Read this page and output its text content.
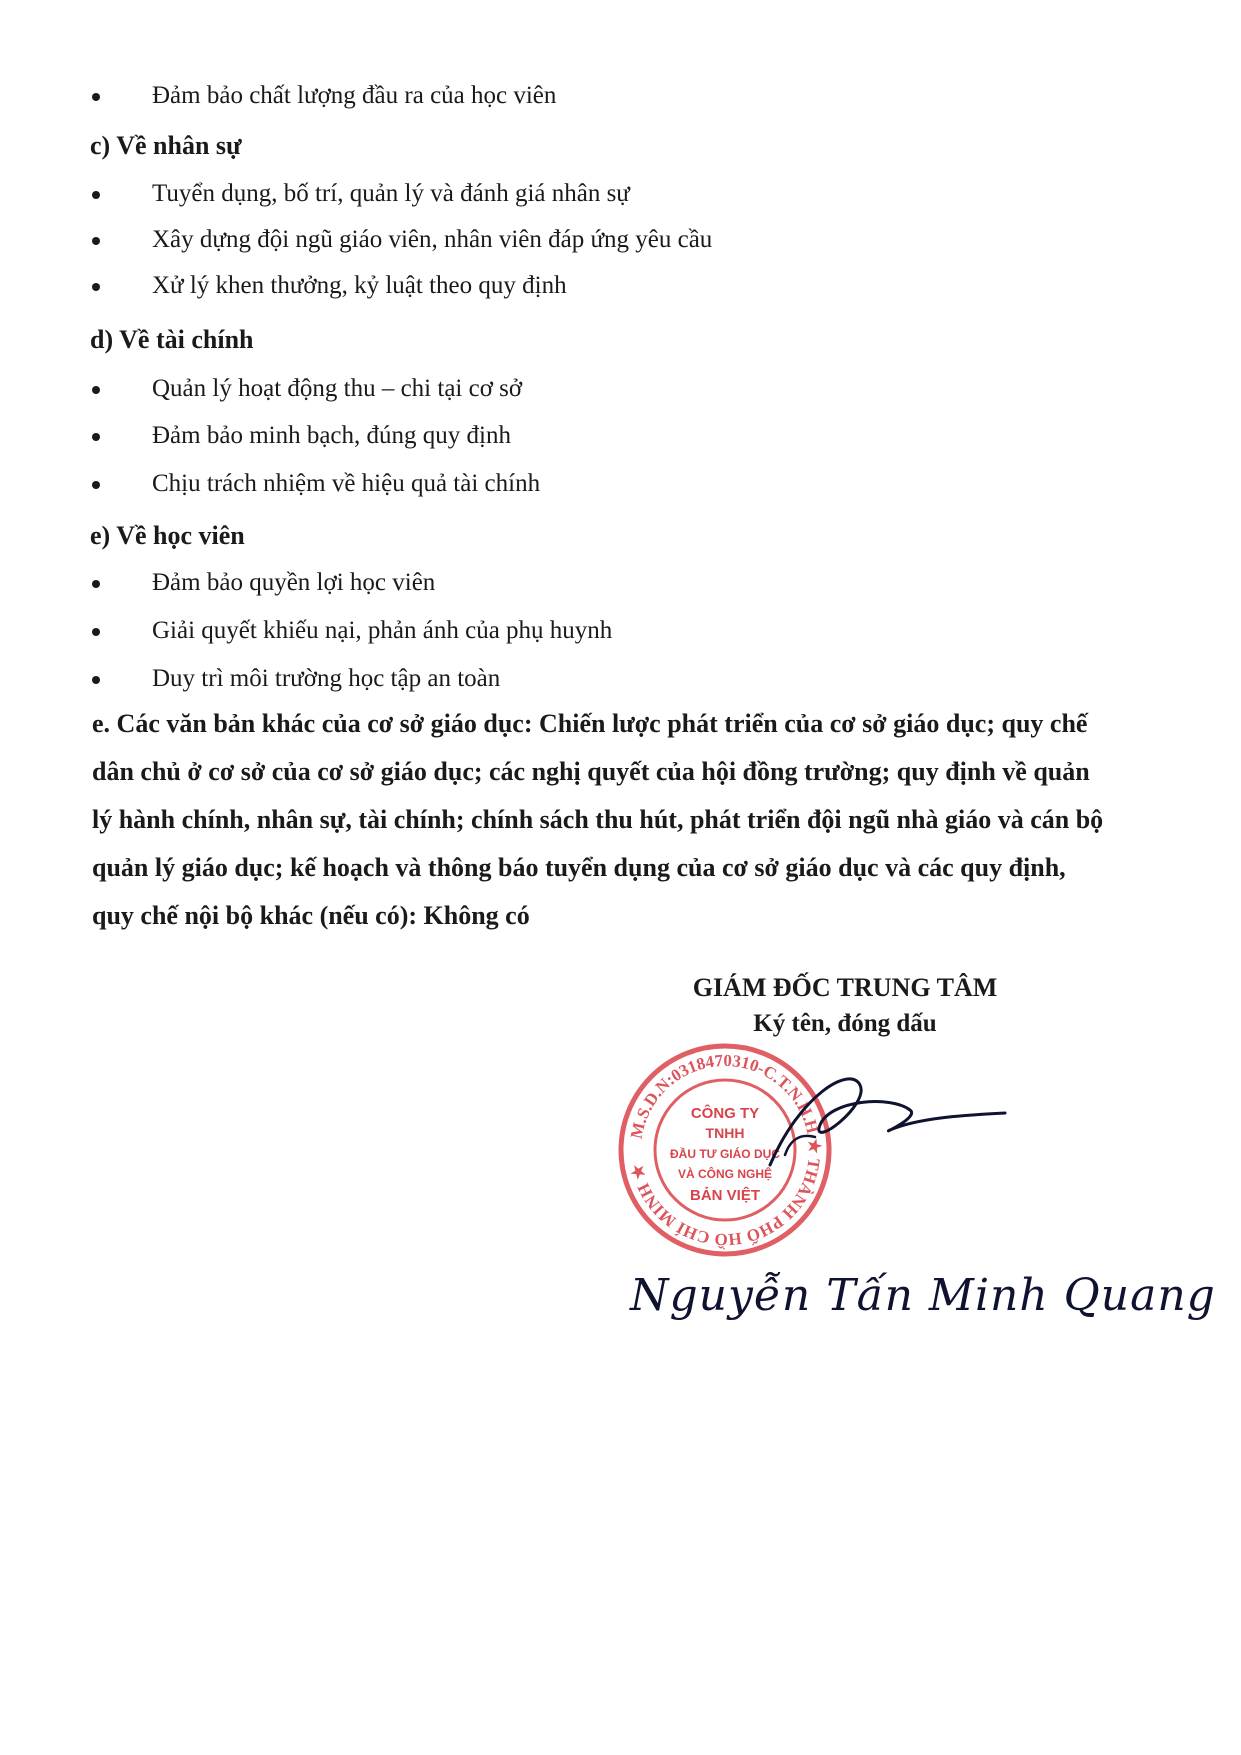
Đảm bảo chất lượng đầu ra của học viên
c) Về nhân sự
Tuyển dụng, bố trí, quản lý và đánh giá nhân sự
Xây dựng đội ngũ giáo viên, nhân viên đáp ứng yêu cầu
Xử lý khen thưởng, kỷ luật theo quy định
d) Về tài chính
Quản lý hoạt động thu – chi tại cơ sở
Đảm bảo minh bạch, đúng quy định
Chịu trách nhiệm về hiệu quả tài chính
e) Về học viên
Đảm bảo quyền lợi học viên
Giải quyết khiếu nại, phản ánh của phụ huynh
Duy trì môi trường học tập an toàn
e. Các văn bản khác của cơ sở giáo dục: Chiến lược phát triển của cơ sở giáo dục; quy chế
dân chủ ở cơ sở của cơ sở giáo dục; các nghị quyết của hội đồng trường; quy định về quản
lý hành chính, nhân sự, tài chính; chính sách thu hút, phát triển đội ngũ nhà giáo và cán bộ
quản lý giáo dục; kế hoạch và thông báo tuyển dụng của cơ sở giáo dục và các quy định,
quy chế nội bộ khác (nếu có): Không có
GIÁM ĐỐC TRUNG TÂM
Ký tên, đóng dấu
M.S.D.N:0318470310-C.T.N.H.H ★ THÀNH PHỐ HỒ CHÍ MINH ★
CÔNG TY
TNHH
ĐẦU TƯ GIÁO DỤC
VÀ CÔNG NGHỆ
BẢN VIỆT
Nguyễn Tấn Minh Quang
